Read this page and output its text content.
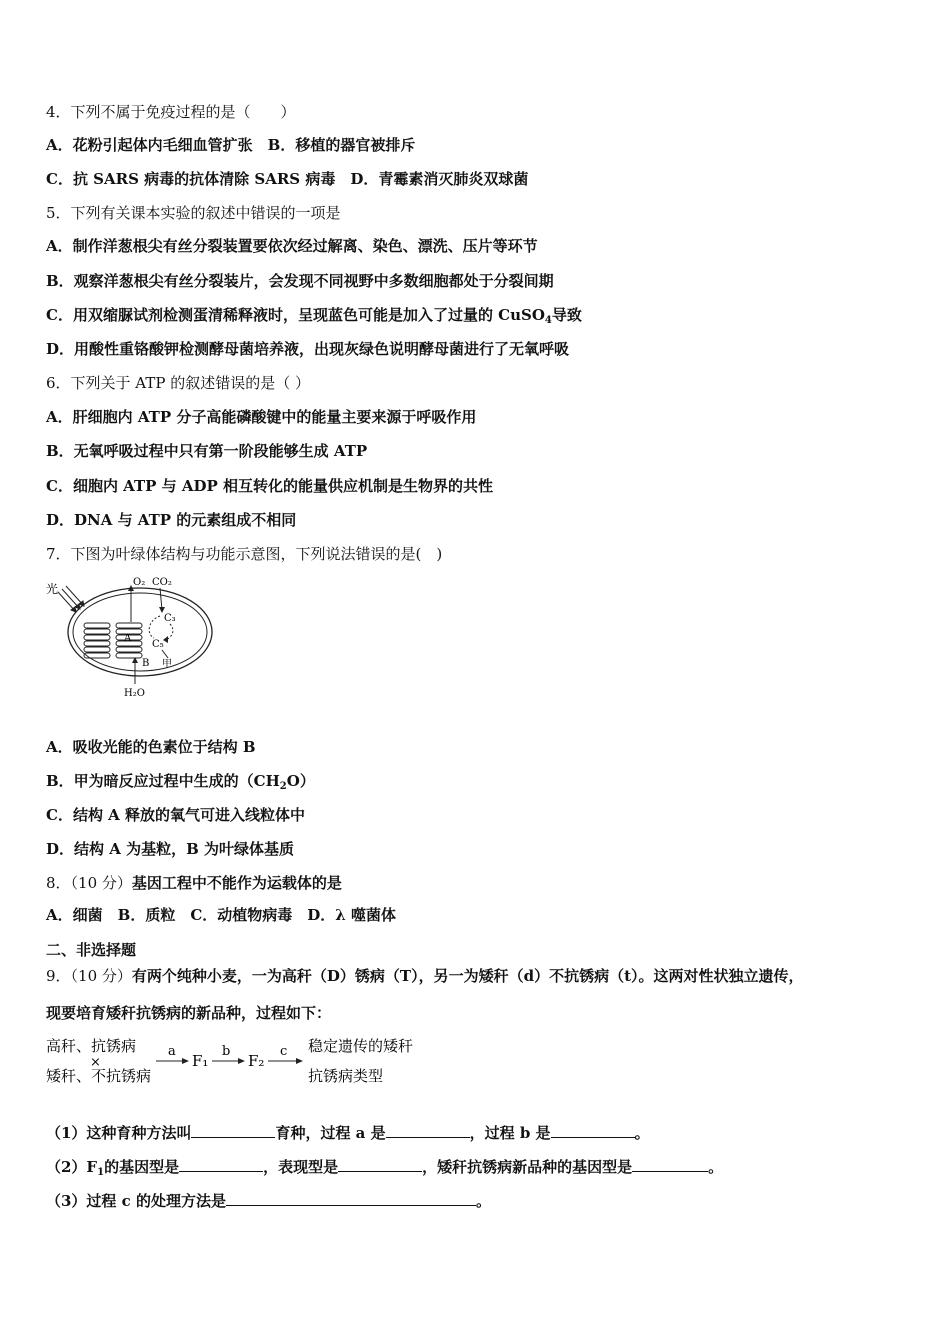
4．下列不属于免疫过程的是（　　）
A．花粉引起体内毛细血管扩张　B．移植的器官被排斥
C．抗 SARS 病毒的抗体清除 SARS 病毒　D．青霉素消灭肺炎双球菌
5．下列有关课本实验的叙述中错误的一项是
A．制作洋葱根尖有丝分裂装置要依次经过解离、染色、漂洗、压片等环节
B．观察洋葱根尖有丝分裂装片，会发现不同视野中多数细胞都处于分裂间期
C．用双缩脲试剂检测蛋清稀释液时，呈现蓝色可能是加入了过量的 CuSO$_4$导致
D．用酸性重铬酸钾检测酵母菌培养液，出现灰绿色说明酵母菌进行了无氧呼吸
6．下列关于 ATP 的叙述错误的是（ ）
A．肝细胞内 ATP 分子高能磷酸键中的能量主要来源于呼吸作用
B．无氧呼吸过程中只有第一阶段能够生成 ATP
C．细胞内 ATP 与 ADP 相互转化的能量供应机制是生物界的共性
D．DNA 与 ATP 的元素组成不相同
7．下图为叶绿体结构与功能示意图，下列说法错误的是(　)
光
A
O₂ CO₂
C₃
C₅
甲
B
H₂O
A．吸收光能的色素位于结构 B
B．甲为暗反应过程中生成的$(CH_2O)$
C．结构 A 释放的氧气可进入线粒体中
D．结构 A 为基粒，B 为叶绿体基质
8．（10 分）基因工程中不能作为运载体的是
A．细菌　B．质粒　C．动植物病毒　D．λ 噬菌体
二、非选择题
9．（10 分）有两个纯种小麦，一为高秆（D）锈病（T），另一为矮秆（d）不抗锈病（t）。这两对性状独立遗传，
现要培育矮秆抗锈病的新品种，过程如下：
高秆、抗锈病
×
矮秆、不抗锈病
a
F₁
b
F₂
c 稳定遗传的矮秆
抗锈病类型
（1）这种育种方法叫	育种，过程 a 是	，过程 b 是	。
$(2)F_1$的基因型是	，表现型是	，矮秆抗锈病新品种的基因型是	。
（3）过程 c 的处理方法是	。
